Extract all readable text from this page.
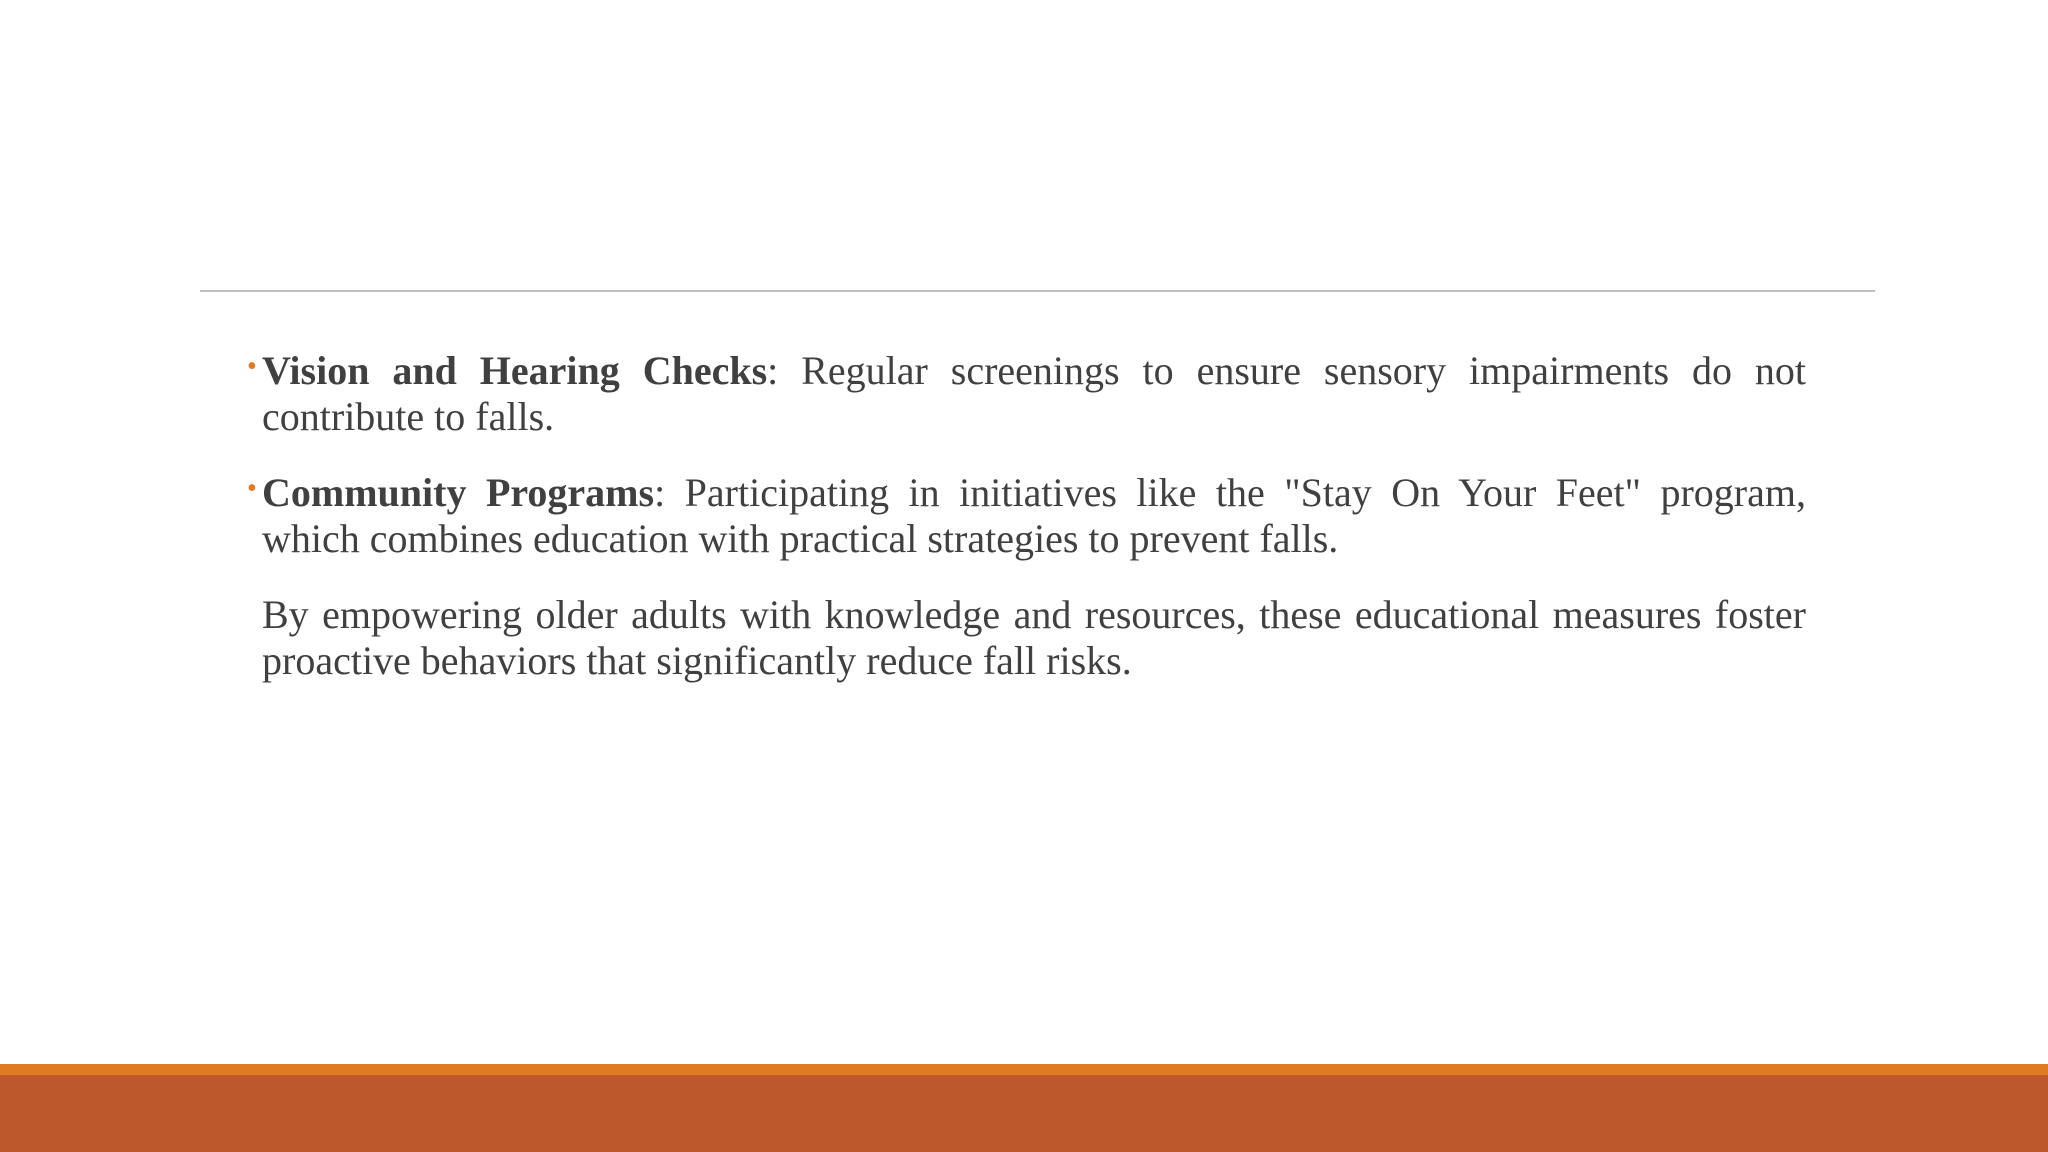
• Vision and Hearing Checks: Regular screenings to ensure sensory impairments do not contribute to falls.
• Community Programs: Participating in initiatives like the "Stay On Your Feet" program, which combines education with practical strategies to prevent falls.
By empowering older adults with knowledge and resources, these educational measures foster proactive behaviors that significantly reduce fall risks.
